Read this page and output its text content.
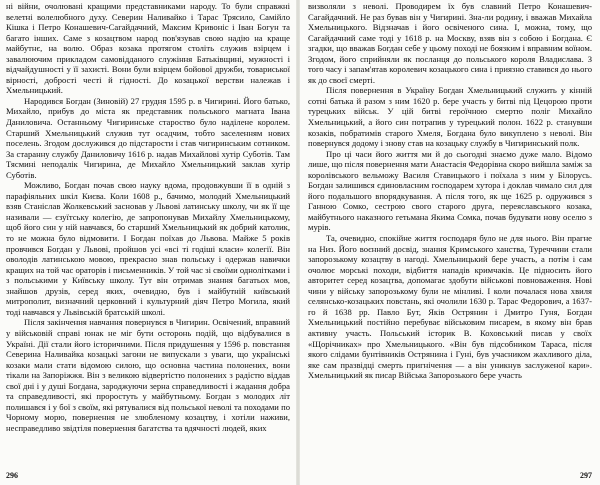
ні війни, очолювані кращими представниками народу. То були справжні велетні волелюбного духу. Северин Наливайко і Тарас Трясило, Самійло Кішка і Петро Конашевич-Сагайдачний, Максим Кривоніс і Іван Богун та багато інших. Саме з козацтвом народ пов'язував свою надію на краще майбутнє, на волю. Образ козака протягом століть служив взірцем і завалюючим прикладом самовідданого служіння Батьківщині, мужності і відчайдушності у її захисті. Вони були взірцем бойової дружби, товариської вірності, добрості честі й гідності. До козацької верстви належав і Хмельницький.

Народився Богдан (Зиновій) 27 грудня 1595 р. в Чигирині. Його батько, Михайло, прибув до міста як представник польського магната Івана Даниловича. Останньому Чигиринське староство було наділене королем. Старший Хмельницький служив тут осадчим, тобто заселенням нових поселень. Згодом дослужився до підстарости і став чигиринським сотником. За старанну службу Даниловичу 1616 р. надав Михайлові хутір Суботів. Там Тясмині неподалік Чигирина, де Михайло Хмельницький заклав хутір Суботів.

Можливо, Богдан почав свою науку вдома, продовжувши її в одній з парафіяльних шкіл Києва. Коли 1608 р., бачимо, молодий Хмельницький взяв Станіслав Жолкевський засновав у Львові латинську школу, чи як її ще називали — єзуїтську колегію, де запропонував Михайлу Хмельницькому, щоб його син у ній навчався, бо старший Хмельницький як добрий католик, то не можна було відмовити. І Богдан поїхав до Львова. Майже 5 років провчився Богдан у Львові, пройшов усі «всі ті годіші класи» колегії. Він оволодів латинською мовою, прекрасно знав польську і одержав навички кращих на той час ораторів і письменників. У той час зі своїми однолітками і з польськими у Київську школу. Тут він отримав знання багатьох мов, знайшов друзів, серед яких, очевидно, був і майбутній київський митрополит, визначний церковний і культурний діяч Петро Могила, який тоді навчався у Львівській братській школі.

Після закінчення навчання повернувся в Чигирин. Освічений, вправний у військовій справі юнак не міг бути осторонь подій, що відбувалися в Україні. Дії стали його історичними. Після придушення у 1596 р. повстання Северина Наливайка козацькі загони не випускали з уваги, що українські козаки мали стати відомою силою, що основна частина полонених, вони тікали на Запоріжжя. Він з великою відвертістю полонених з радістю віддав свої дні і у душі Богдана, зароджуючи зерна справедливості і жадання добра та справедливості, які проростуть у майбутньому. Богдан з молодих літ полишався і у бої з своїм, які рятувалися від польської неволі та походами по Чорному морю, повернення не злюбленому козацтву, і хотіли наживи, несправедливо звідтіля повернення багатства та вдячності людей, яких

296

визволяли з неволі. Проводирем їх був славний Петро Конашевич-Сагайдачний. Не раз бував він у Чигирині. Зна-ли родину, і вважав Михайла Хмельницького. Відзначав і його освіченого сина. І, можна, тому, що Сагайдачний саме тоді у 1618 р. на Москву, взяв він з собою і Богдана. Є згадки, що вважав Богдан себе у цьому поході не боязким і вправним воїном. Згодом, його сприйняли як посланця до польського короля Владислава. З того часу і запам'ятав королевич козацького сина і приязно ставився до нього як до своєї смерті.

Після повернення в Україну Богдан Хмельницький служить у кінній сотні батька й разом з ним 1620 р. бере участь у битві під Цецорою проти турецьких військ. У цій битві героїчною смертю поліг Михайло Хмельницький, а його син потрапив у турецький полон. 1622 р. станувши козаків, побратимів старого Хмеля, Богдана було викуплено з неволі. Він повернувся додому і знову став на козацьку службу в Чигиринський полк.

Про ці часи його життя ми й до сьогодні знаємо дуже мало. Відомо лише, що після повернення мати Анастасія Федорівна скоро вийшла заміж за королівського вельможу Василя Ставицького і поїхала з ним у Білорусь. Богдан залишився єдиновласним господарем хутора і доклав чимало сил для його подальшого впорядкування. А після того, як ще 1625 р. одружився з Ганною Сомко, сестрою свого старого друга, переяславського козака, майбутнього наказного гетьмана Якима Сомка, почав будувати нову оселю з мурів.

Та, очевидно, спокійне життя господаря було не для нього. Він прагне на Низ. Його воєнний досвід, знання Кримського ханства, Туреччини стали запорозькому козацтву в нагоді. Хмельницький бере участь, а потім і сам очолює морські походи, відбиття нападів кримчаків. Це підносить його авторитет серед козацтва, допомагає здобути військові повноваження. Нові чини у війську запорозькому були не мінливі. І коли почалася нова хвиля селянсько-козацьких повстань, які очолили 1630 р. Тарас Федорович, а 1637-го й 1638 рр. Павло Бут, Яків Острянин і Дмитро Гуня, Богдан Хмельницький постійно перебуває військовим писарем, в якому він брав активну участь. Польський історик В. Коховський писав у своїх «Щорічниках» про Хмельницького. «Він був підсобником Тараса, після якого слідами бунтівників Острянина і Гуні, був учасником жахливого діла, яке сам празвідці смерть пригнічення — а він уникнув заслуженої кари». Хмельницький як писар Війська Запорозького бере участь

297
